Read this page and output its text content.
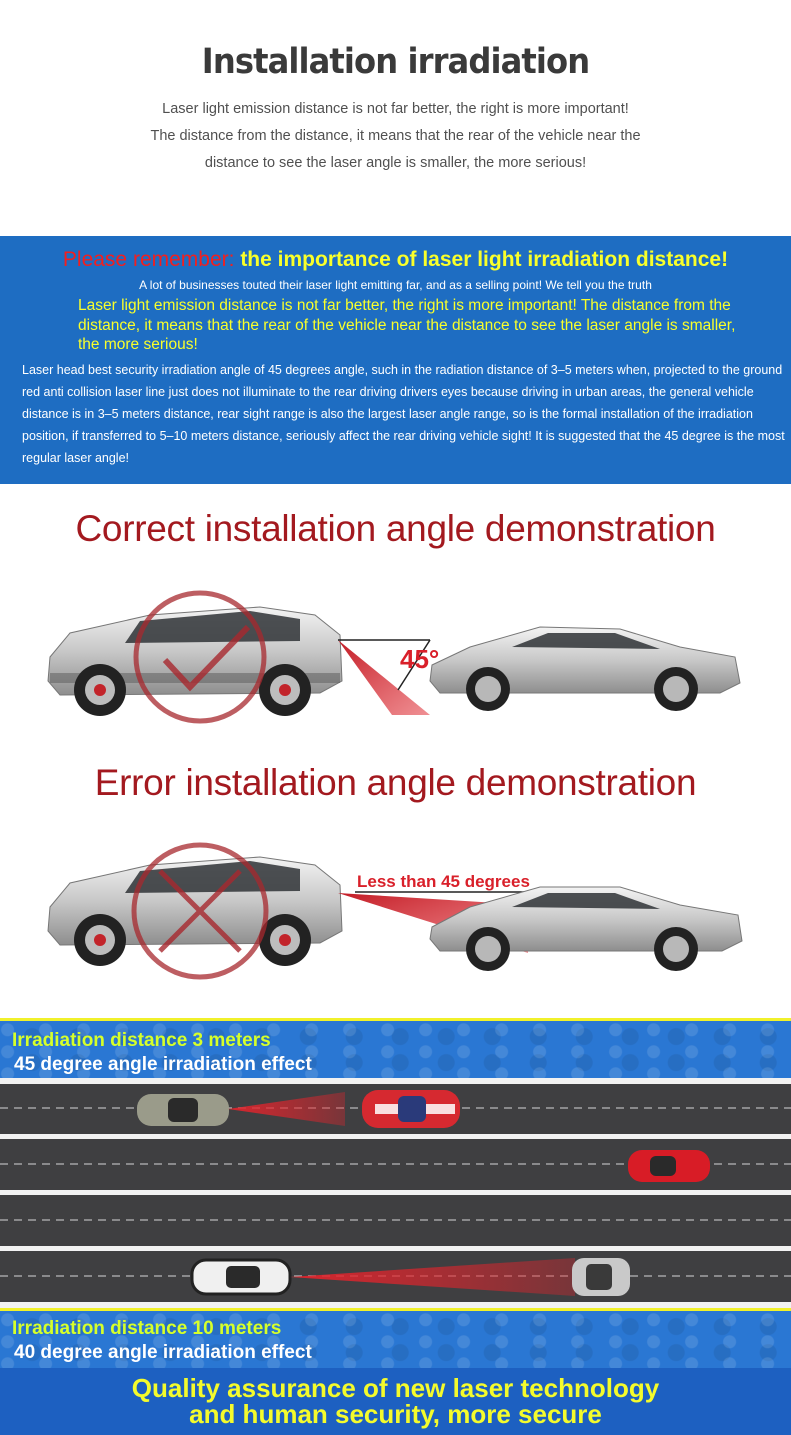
Installation irradiation

Laser light emission distance is not far better, the right is more important! The distance from the distance, it means that the rear of the vehicle near the distance to see the laser angle is smaller, the more serious!

Please remember: the importance of laser light irradiation distance!
A lot of businesses touted their laser light emitting far, and as a selling point! We tell you the truth
Laser light emission distance is not far better, the right is more important! The distance from the distance, it means that the rear of the vehicle near the distance to see the laser angle is smaller, the more serious!
Laser head best security irradiation angle of 45 degrees angle, such in the radiation distance of 3–5 meters when, projected to the ground red anti collision laser line just does not illuminate to the rear driving drivers eyes because driving in urban areas, the general vehicle distance is in 3–5 meters distance, rear sight range is also the largest laser angle range, so is the formal installation of the irradiation position, if transferred to 5–10 meters distance, seriously affect the rear driving vehicle sight! It is suggested that the 45 degree is the most regular laser angle!
Correct installation angle demonstration
45°
Error installation angle demonstration
Less than 45 degrees
Irradiation distance 3 meters
45 degree angle irradiation effect
Irradiation distance 10 meters
40 degree angle irradiation effect
Quality assurance of new laser technology
and human security, more secure
